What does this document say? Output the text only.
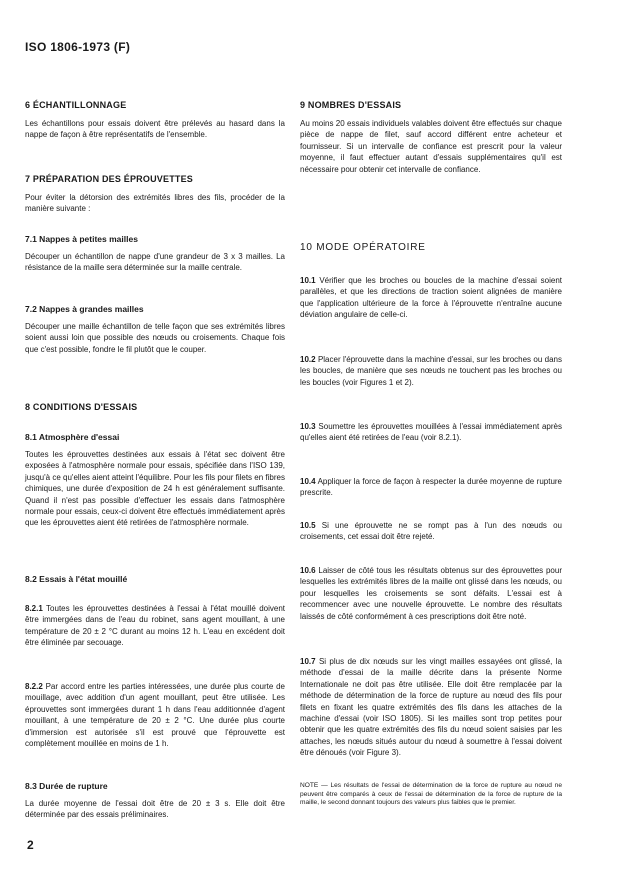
ISO 1806-1973 (F)
6 ÉCHANTILLONNAGE

Les échantillons pour essais doivent être prélevés au hasard dans la nappe de façon à être représentatifs de l'ensemble.

7 PRÉPARATION DES ÉPROUVETTES

Pour éviter la détorsion des extrémités libres des fils, procéder de la manière suivante :

7.1 Nappes à petites mailles

Découper un échantillon de nappe d'une grandeur de 3 x 3 mailles. La résistance de la maille sera déterminée sur la maille centrale.

7.2 Nappes à grandes mailles

Découper une maille échantillon de telle façon que ses extrémités libres soient aussi loin que possible des nœuds ou croisements. Chaque fois que c'est possible, fondre le fil plutôt que le couper.

8 CONDITIONS D'ESSAIS
8.1 Atmosphère d'essai

Toutes les éprouvettes destinées aux essais à l'état sec doivent être exposées à l'atmosphère normale pour essais, spécifiée dans l'ISO 139, jusqu'à ce qu'elles aient atteint l'équilibre. Pour les fils pour filets en fibres chimiques, une durée d'exposition de 24 h est généralement suffisante. Quand il n'est pas possible d'effectuer les essais dans l'atmosphère normale pour essais, ceux-ci doivent être effectués immédiatement après que les éprouvettes aient été retirées de l'atmosphère normale.

8.2 Essais à l'état mouillé

8.2.1 Toutes les éprouvettes destinées à l'essai à l'état mouillé doivent être immergées dans de l'eau du robinet, sans agent mouillant, à une température de 20 ± 2 °C durant au moins 12 h. L'eau en excédent doit être éliminée par secouage.

8.2.2 Par accord entre les parties intéressées, une durée plus courte de mouillage, avec addition d'un agent mouillant, peut être utilisée. Les éprouvettes sont immergées durant 1 h dans l'eau additionnée d'agent mouillant, à une température de 20 ± 2 °C. Une durée plus courte d'immersion est autorisée s'il est prouvé que l'éprouvette est complètement mouillée en moins de 1 h.

8.3 Durée de rupture

La durée moyenne de l'essai doit être de 20 ± 3 s. Elle doit être déterminée par des essais préliminaires.

9 NOMBRES D'ESSAIS

Au moins 20 essais individuels valables doivent être effectués sur chaque pièce de nappe de filet, sauf accord différent entre acheteur et fournisseur. Si un intervalle de confiance est prescrit pour la valeur moyenne, il faut effectuer autant d'essais supplémentaires qu'il est nécessaire pour obtenir cet intervalle de confiance.

10 MODE OPÉRATOIRE

10.1 Vérifier que les broches ou boucles de la machine d'essai soient parallèles, et que les directions de traction soient alignées de manière que l'application ultérieure de la force à l'éprouvette n'entraîne aucune déviation angulaire de celle-ci.

10.2 Placer l'éprouvette dans la machine d'essai, sur les broches ou dans les boucles, de manière que ses nœuds ne touchent pas les broches ou les boucles (voir Figures 1 et 2).

10.3 Soumettre les éprouvettes mouillées à l'essai immédiatement après qu'elles aient été retirées de l'eau (voir 8.2.1).

10.4 Appliquer la force de façon à respecter la durée moyenne de rupture prescrite.

10.5 Si une éprouvette ne se rompt pas à l'un des nœuds ou croisements, cet essai doit être rejeté.

10.6 Laisser de côté tous les résultats obtenus sur des éprouvettes pour lesquelles les extrémités libres de la maille ont glissé dans les nœuds, ou pour lesquelles les croisements se sont défaits. L'essai est à recommencer avec une nouvelle éprouvette. Le nombre des résultats laissés de côté conformément à ces prescriptions doit être noté.

10.7 Si plus de dix nœuds sur les vingt mailles essayées ont glissé, la méthode d'essai de la maille décrite dans la présente Norme Internationale ne doit pas être utilisée. Elle doit être remplacée par la méthode de détermination de la force de rupture au nœud des fils pour filets en fixant les quatre extrémités des fils dans les attaches de la machine d'essai (voir ISO 1805). Si les mailles sont trop petites pour obtenir que les quatre extrémités des fils du nœud soient saisies par les attaches, les nœuds situés autour du nœud à soumettre à l'essai doivent être dénoués (voir Figure 3).

NOTE — Les résultats de l'essai de détermination de la force de rupture au nœud ne peuvent être comparés à ceux de l'essai de détermination de la force de rupture de la maille, le second donnant toujours des valeurs plus faibles que le premier.

2
